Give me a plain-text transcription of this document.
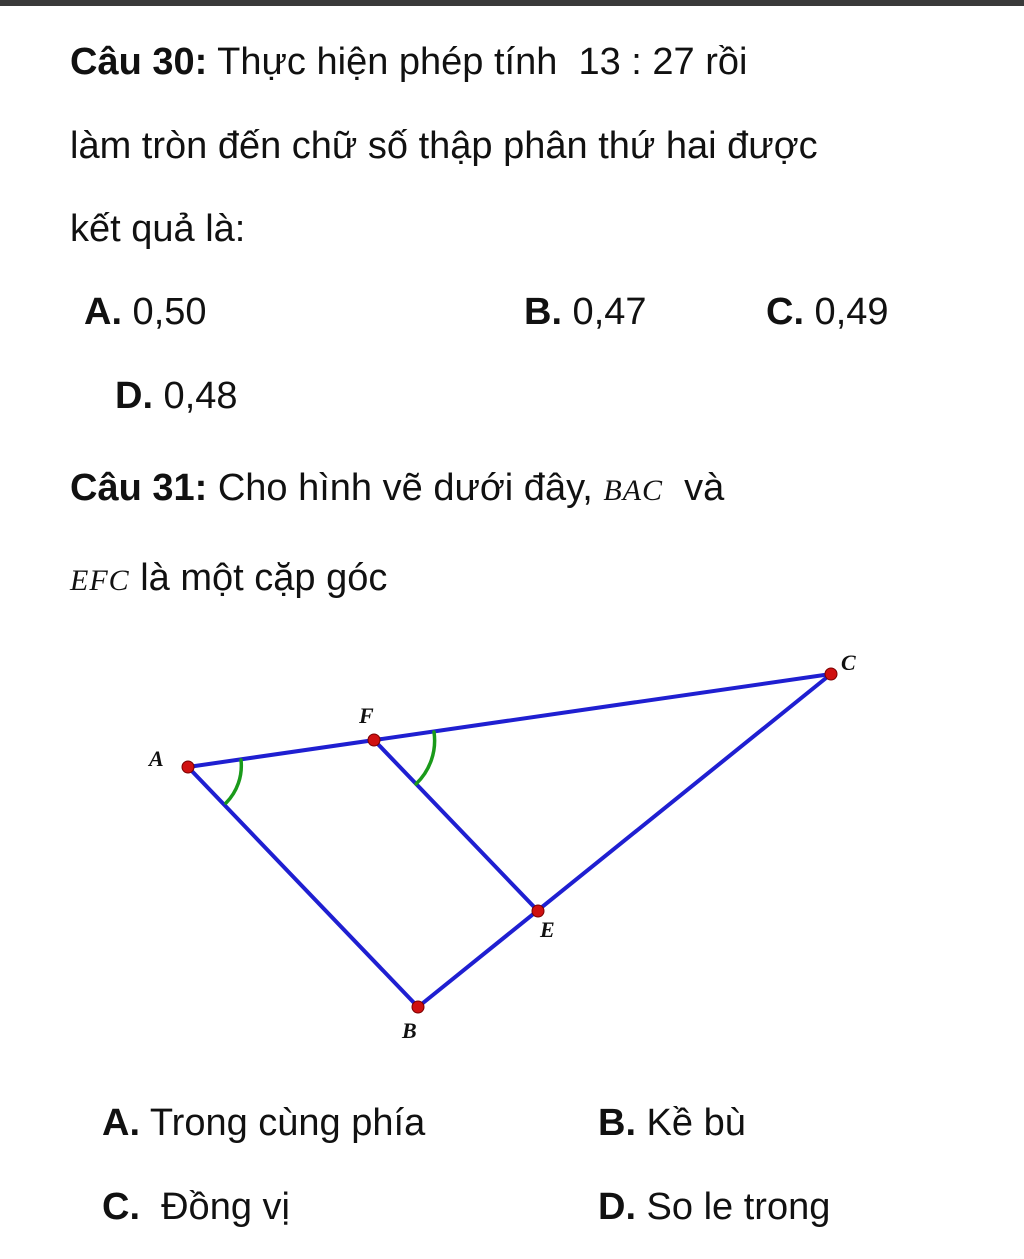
Câu 30: Thực hiện phép tính  13 : 27 rồi
làm tròn đến chữ số thập phân thứ hai được
kết quả là:
A. 0,50	B. 0,47	C. 0,49
D. 0,48
Câu 31: Cho hình vẽ dưới đây, BAC  và
EFC là một cặp góc
A
F
C
E
B
A. Trong cùng phía	B. Kề bù
C.  Đồng vị	D. So le trong
